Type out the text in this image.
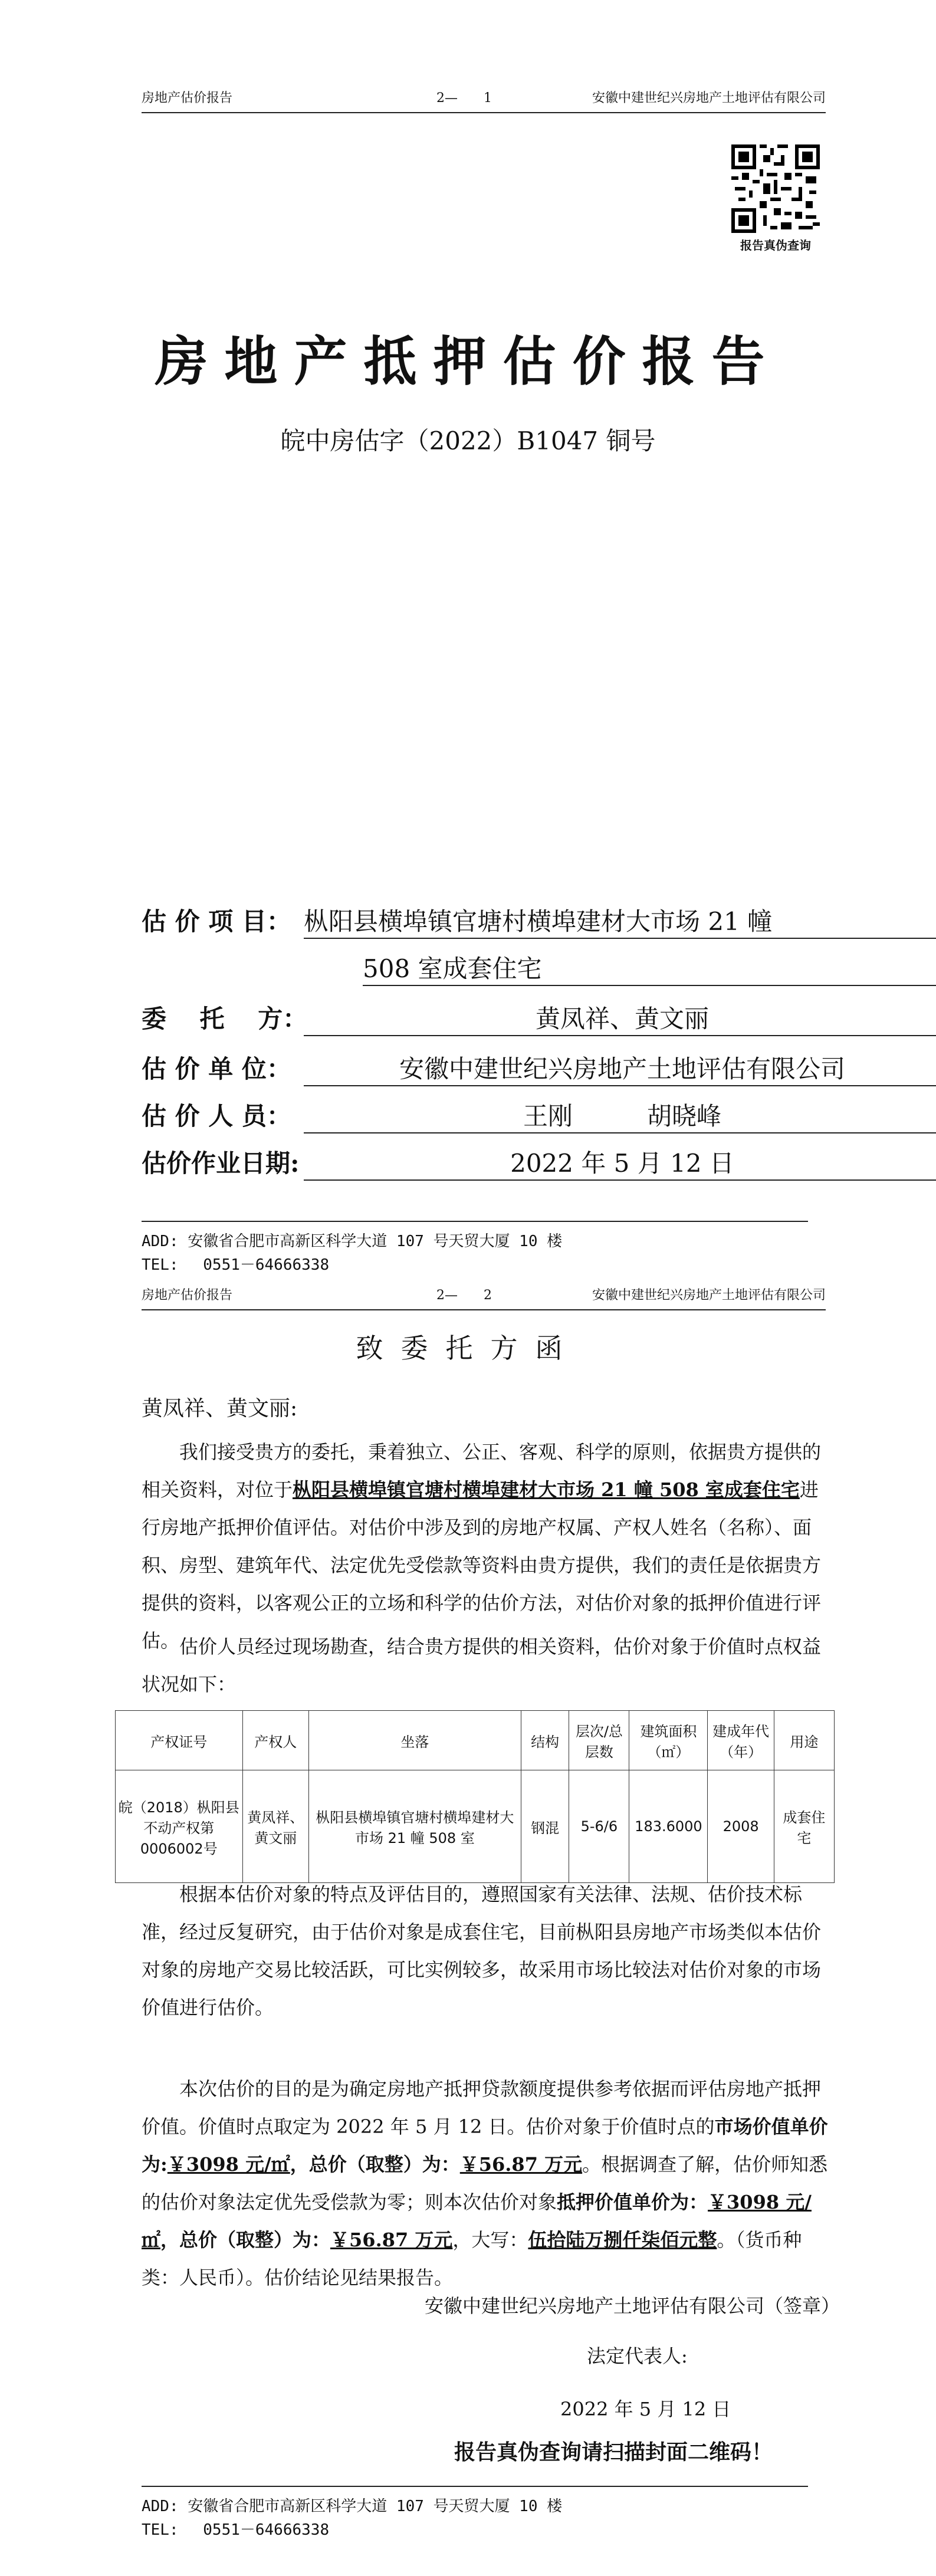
房地产估价报告	2—　　1	安徽中建世纪兴房地产土地评估有限公司
报告真伪查询
房地产抵押估价报告
皖中房估字（2022）B1047 铜号
估 价 项 目： 枞阳县横埠镇官塘村横埠建材大市场 21 幢
508 室成套住宅
委　 托　 方：	黄凤祥、黄文丽
估 价 单 位：	安徽中建世纪兴房地产土地评估有限公司
估 价 人 员：	王刚　　　胡晓峰
估价作业日期:	2022 年 5 月 12 日
ADD: 安徽省合肥市高新区科学大道 107 号天贸大厦 10 楼
TEL:　 0551－64666338
房地产估价报告	2—　　2	安徽中建世纪兴房地产土地评估有限公司
致委托方函
黄凤祥、黄文丽:
我们接受贵方的委托，秉着独立、公正、客观、科学的原则，依据贵方提供的相关资料，对位于枞阳县横埠镇官塘村横埠建材大市场 21 幢 508 室成套住宅进行房地产抵押价值评估。对估价中涉及到的房地产权属、产权人姓名（名称）、面积、房型、建筑年代、法定优先受偿款等资料由贵方提供，我们的责任是依据贵方提供的资料，以客观公正的立场和科学的估价方法，对估价对象的抵押价值进行评估。 估价人员经过现场勘查，结合贵方提供的相关资料，估价对象于价值时点权益状况如下：
产权证号	产权人	坐落	结构	层次/总层数	建筑面积（㎡）	建成年代（年）	用途
皖（2018）枞阳县不动产权第0006002号	黄凤祥、黄文丽	枞阳县横埠镇官塘村横埠建材大市场 21 幢 508 室	钢混	5-6/6	183.6000	2008	成套住宅
根据本估价对象的特点及评估目的，遵照国家有关法律、法规、估价技术标准，经过反复研究，由于估价对象是成套住宅，目前枞阳县房地产市场类似本估价对象的房地产交易比较活跃，可比实例较多，故采用市场比较法对估价对象的市场价值进行估价。
本次估价的目的是为确定房地产抵押贷款额度提供参考依据而评估房地产抵押价值。价值时点取定为 2022 年 5 月 12 日。估价对象于价值时点的市场价值单价为:￥3098 元/㎡，总价（取整）为：￥56.87 万元。根据调查了解，估价师知悉的估价对象法定优先受偿款为零；则本次估价对象抵押价值单价为：￥3098 元/㎡，总价（取整）为：￥56.87 万元，大写：伍拾陆万捌仟柒佰元整。（货币种类：人民币）。估价结论见结果报告。
安徽中建世纪兴房地产土地评估有限公司（签章）
法定代表人:
2022 年 5 月 12 日
报告真伪查询请扫描封面二维码！
ADD: 安徽省合肥市高新区科学大道 107 号天贸大厦 10 楼
TEL:　 0551－64666338
